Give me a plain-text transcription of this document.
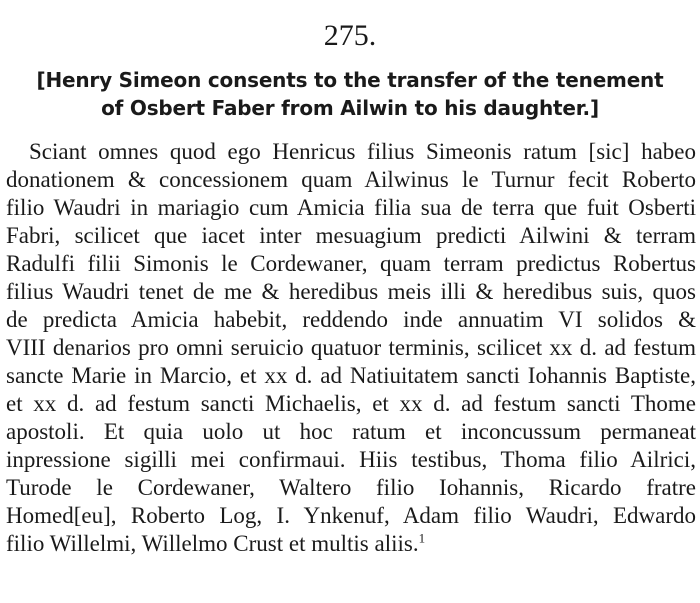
275.
[Henry Simeon consents to the transfer of the tenement
of Osbert Faber from Ailwin to his daughter.]
Sciant omnes quod ego Henricus filius Simeonis ratum [sic] habeo
donationem & concessionem quam Ailwinus le Turnur fecit Roberto
filio Waudri in mariagio cum Amicia filia sua de terra que fuit Osberti
Fabri, scilicet que iacet inter mesuagium predicti Ailwini & terram
Radulfi filii Simonis le Cordewaner, quam terram predictus Robertus
filius Waudri tenet de me & heredibus meis illi & heredibus suis, quos
de predicta Amicia habebit, reddendo inde annuatim VI solidos &
VIII denarios pro omni seruicio quatuor terminis, scilicet xx d. ad festum
sancte Marie in Marcio, et xx d. ad Natiuitatem sancti Iohannis Baptiste,
et xx d. ad festum sancti Michaelis, et xx d. ad festum sancti Thome
apostoli. Et quia uolo ut hoc ratum et inconcussum permaneat
inpressione sigilli mei confirmaui. Hiis testibus, Thoma filio Ailrici,
Turode le Cordewaner, Waltero filio Iohannis, Ricardo fratre
Homed[eu], Roberto Log, I. Ynkenuf, Adam filio Waudri, Edwardo
filio Willelmi, Willelmo Crust et multis aliis.$^1$
